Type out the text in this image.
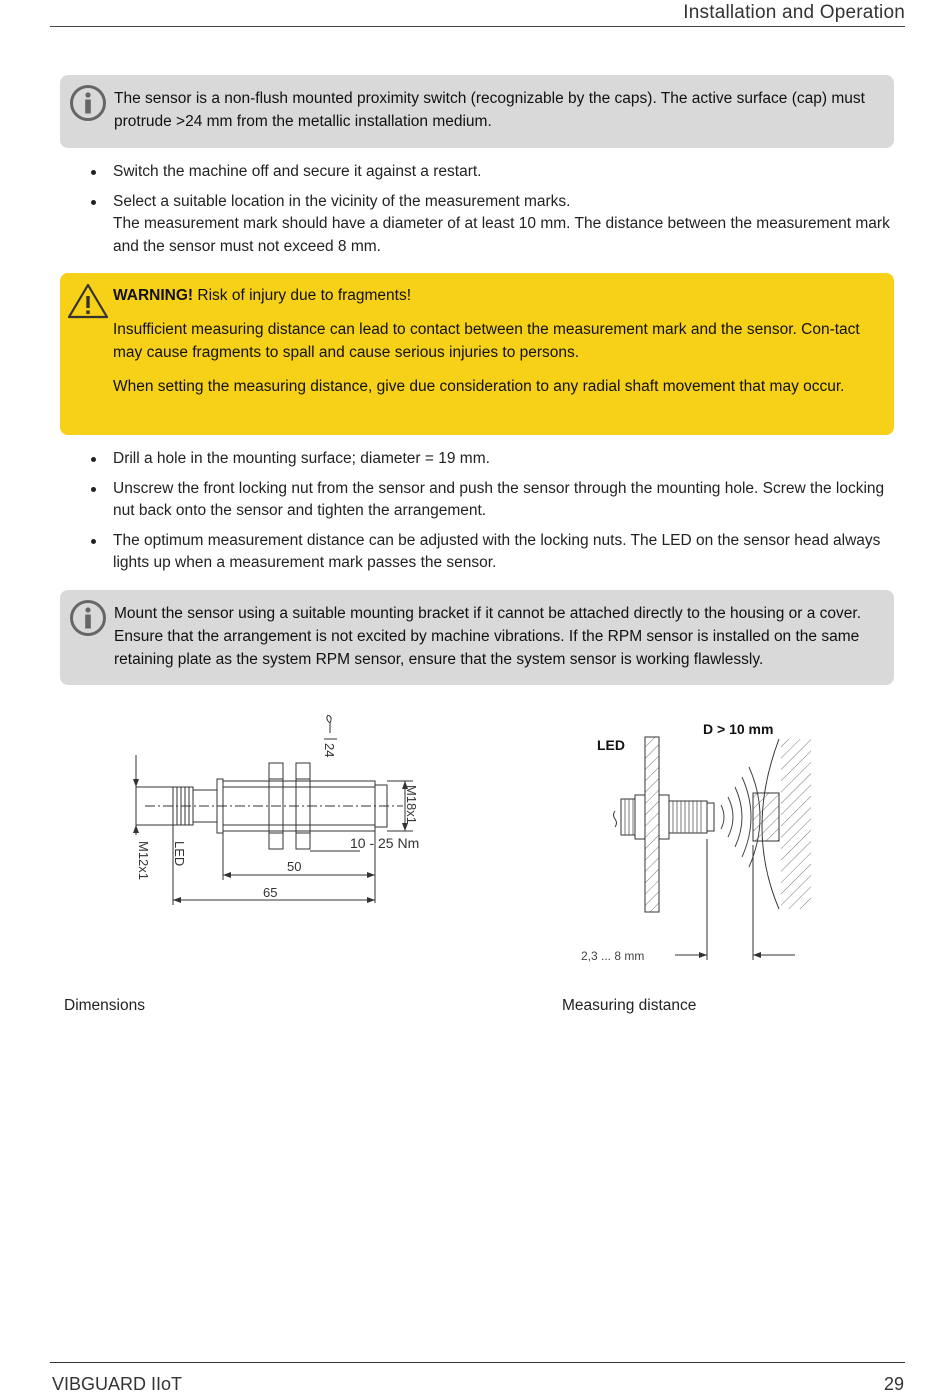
Installation and Operation

The sensor is a non-flush mounted proximity switch (recognizable by the caps). The active surface (cap) must protrude >24 mm from the metallic installation medium.

Switch the machine off and secure it against a restart.
Select a suitable location in the vicinity of the measurement marks.
The measurement mark should have a diameter of at least 10 mm. The distance between the measurement mark and the sensor must not exceed 8 mm.

WARNING! Risk of injury due to fragments!

Insufficient measuring distance can lead to contact between the measurement mark and the sensor. Con-tact may cause fragments to spall and cause serious injuries to persons.

When setting the measuring distance, give due consideration to any radial shaft movement that may occur.

Drill a hole in the mounting surface; diameter = 19 mm.
Unscrew the front locking nut from the sensor and push the sensor through the mounting hole. Screw the locking nut back onto the sensor and tighten the arrangement.
The optimum measurement distance can be adjusted with the locking nuts. The LED on the sensor head always lights up when a measurement mark passes the sensor.

Mount the sensor using a suitable mounting bracket if it cannot be attached directly to the housing or a cover. Ensure that the arrangement is not excited by machine vibrations. If the RPM sensor is installed on the same retaining plate as the system RPM sensor, ensure that the system sensor is working flawlessly.

24
M18x1
M12x1 LED	10 - 25 Nm
50
65
LED
D > 10 mm
2,3 ... 8 mm
Dimensions	Measuring distance
VIBGUARD IIoT	29
